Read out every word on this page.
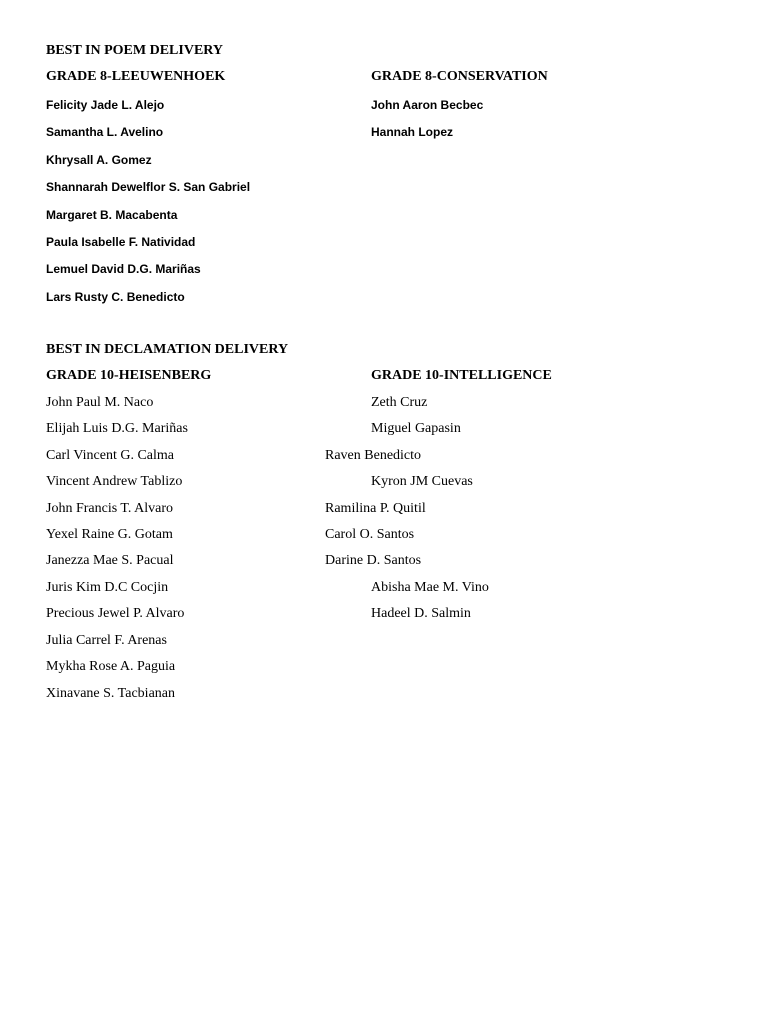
BEST IN POEM DELIVERY
GRADE 8-LEEUWENHOEK	GRADE 8-CONSERVATION
Felicity Jade L. Alejo
Samantha L. Avelino
Khrysall A. Gomez
Shannarah Dewelflor S. San Gabriel
Margaret B. Macabenta
Paula Isabelle F. Natividad
Lemuel David D.G. Mariñas
Lars Rusty C. Benedicto
John Aaron Becbec
Hannah Lopez
BEST IN DECLAMATION DELIVERY
GRADE 10-HEISENBERG	GRADE 10-INTELLIGENCE
John Paul M. Naco
Elijah Luis D.G. Mariñas
Carl Vincent G. Calma
Vincent Andrew Tablizo
John Francis T. Alvaro
Yexel Raine G. Gotam
Janezza Mae S. Pacual
Juris Kim D.C Cocjin
Precious Jewel P. Alvaro
Julia Carrel F. Arenas
Mykha Rose A. Paguia
Xinavane S. Tacbianan
Zeth Cruz
Miguel Gapasin
Raven Benedicto
Kyron JM Cuevas
Ramilina P. Quitil
Carol O. Santos
Darine D. Santos
Abisha Mae M. Vino
Hadeel D. Salmin
